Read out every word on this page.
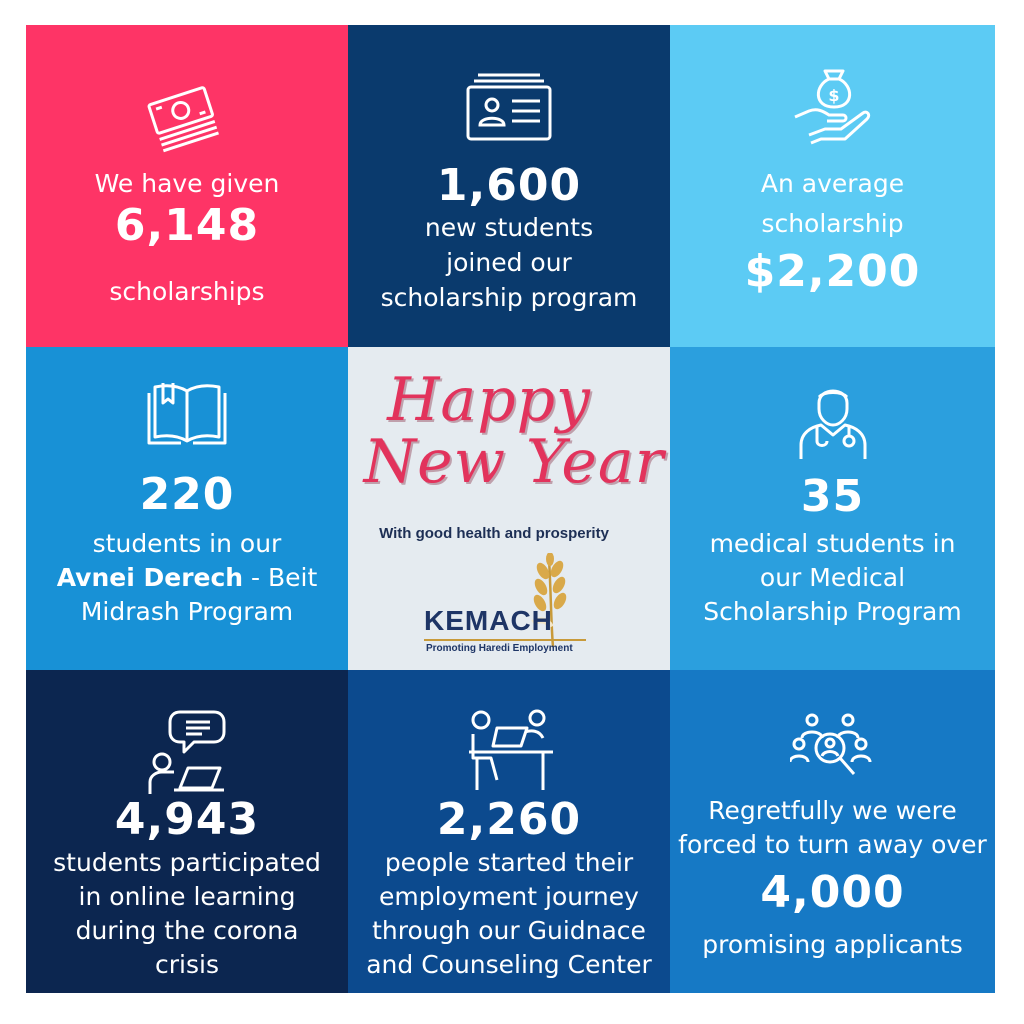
We have given

6,148

scholarships

1,600

new students

joined our

scholarship program

$

An average

scholarship

$2,200

220

students in our

Avnei Derech - Beit

Midrash Program

Happy
New Year
With good health and prosperity
KEMACH
Promoting Haredi Employment

35

medical students in

our Medical

Scholarship Program

4,943

students participated

in online learning

during the corona

crisis

2,260

people started their

employment journey

through our Guidnace

and Counseling Center

Regretfully we were

forced to turn away over

4,000

promising applicants
